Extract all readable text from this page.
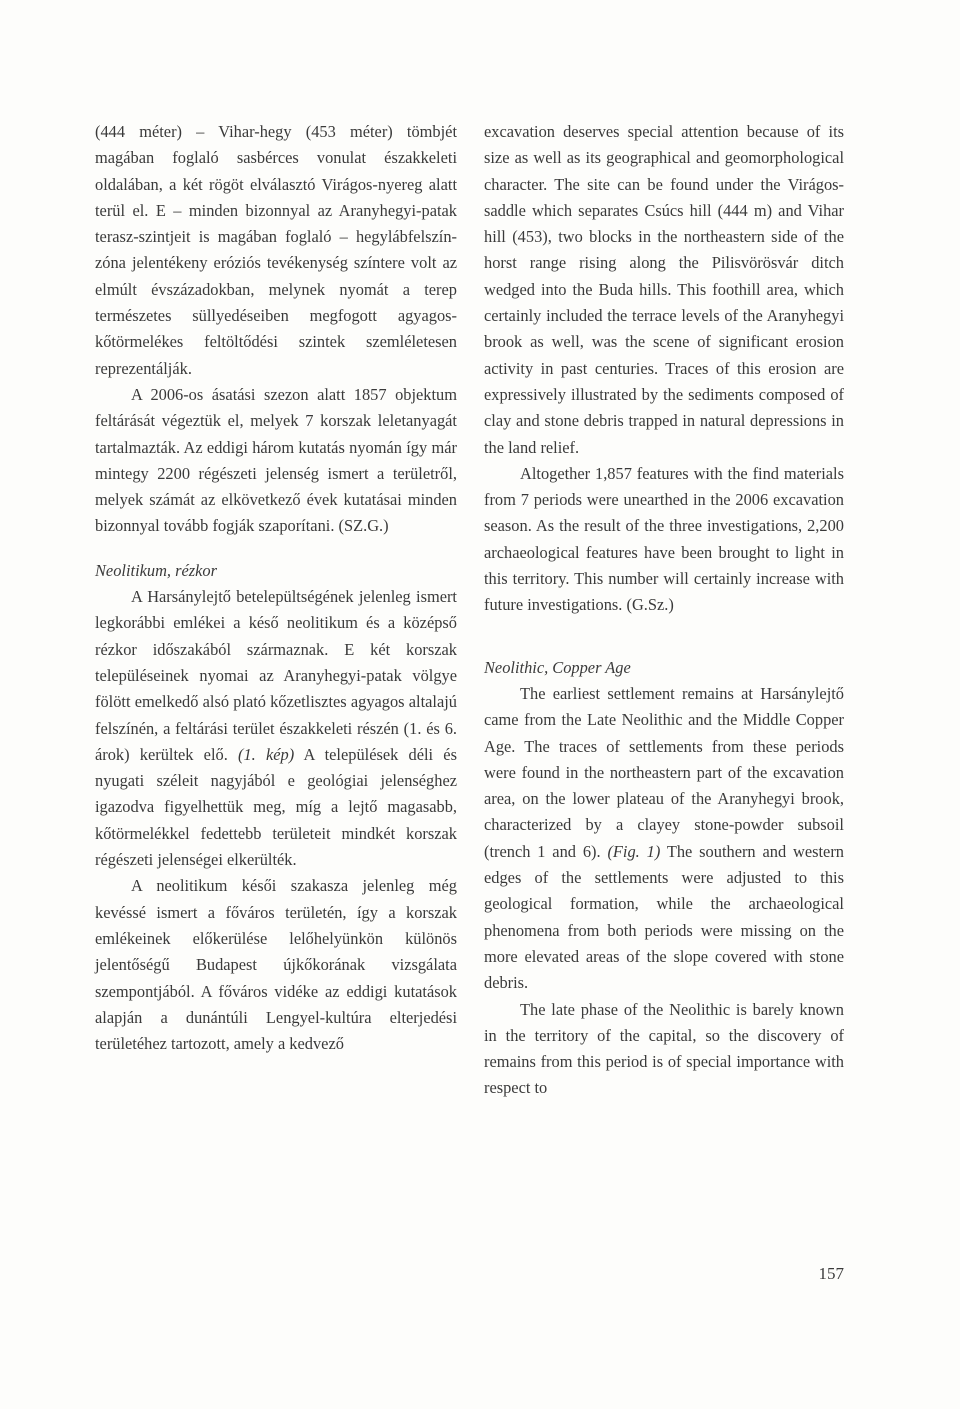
(444 méter) – Vihar-hegy (453 méter) tömbjét magában foglaló sasbérces vonulat északkeleti oldalában, a két rögöt elválasztó Virágos-nyereg alatt terül el. E – minden bizonnyal az Aranyhegyi-patak terasz-szintjeit is magában foglaló – hegylábfelszín-zóna jelentékeny eróziós tevékenység színtere volt az elmúlt évszázadokban, melynek nyomát a terep természetes süllyedéseiben megfogott agyagos-kőtörmelékes feltöltődési szintek szemléletesen reprezentálják.

A 2006-os ásatási szezon alatt 1857 objektum feltárását végeztük el, melyek 7 korszak leletanyagát tartalmazták. Az eddigi három kutatás nyomán így már mintegy 2200 régészeti jelenség ismert a területről, melyek számát az elkövetkező évek kutatásai minden bizonnyal tovább fogják szaporítani. (SZ.G.)

Neolitikum, rézkor

A Harsánylejtő betelepültségének jelenleg ismert legkorábbi emlékei a késő neolitikum és a középső rézkor időszakából származnak. E két korszak településeinek nyomai az Aranyhegyi-patak völgye fölött emelkedő alsó plató kőzetlisztes agyagos altalajú felszínén, a feltárási terület északkeleti részén (1. és 6. árok) kerültek elő. (1. kép) A települések déli és nyugati széleit nagyjából e geológiai jelenséghez igazodva figyelhettük meg, míg a lejtő magasabb, kőtörmelékkel fedettebb területeit mindkét korszak régészeti jelenségei elkerülték.

A neolitikum késői szakasza jelenleg még kevéssé ismert a főváros területén, így a korszak emlékeinek előkerülése lelőhelyünkön különös jelentőségű Budapest újkőkorának vizsgálata szempontjából. A főváros vidéke az eddigi kutatások alapján a dunántúli Lengyel-kultúra elterjedési területéhez tartozott, amely a kedvező

excavation deserves special attention because of its size as well as its geographical and geomorphological character. The site can be found under the Virágos-saddle which separates Csúcs hill (444 m) and Vihar hill (453), two blocks in the northeastern side of the horst range rising along the Pilisvörösvár ditch wedged into the Buda hills. This foothill area, which certainly included the terrace levels of the Aranyhegyi brook as well, was the scene of significant erosion activity in past centuries. Traces of this erosion are expressively illustrated by the sediments composed of clay and stone debris trapped in natural depressions in the land relief.

Altogether 1,857 features with the find materials from 7 periods were unearthed in the 2006 excavation season. As the result of the three investigations, 2,200 archaeological features have been brought to light in this territory. This number will certainly increase with future investigations. (G.Sz.)

Neolithic, Copper Age

The earliest settlement remains at Harsánylejtő came from the Late Neolithic and the Middle Copper Age. The traces of settlements from these periods were found in the northeastern part of the excavation area, on the lower plateau of the Aranyhegyi brook, characterized by a clayey stone-powder subsoil (trench 1 and 6). (Fig. 1) The southern and western edges of the settlements were adjusted to this geological formation, while the archaeological phenomena from both periods were missing on the more elevated areas of the slope covered with stone debris.

The late phase of the Neolithic is barely known in the territory of the capital, so the discovery of remains from this period is of special importance with respect to

157
